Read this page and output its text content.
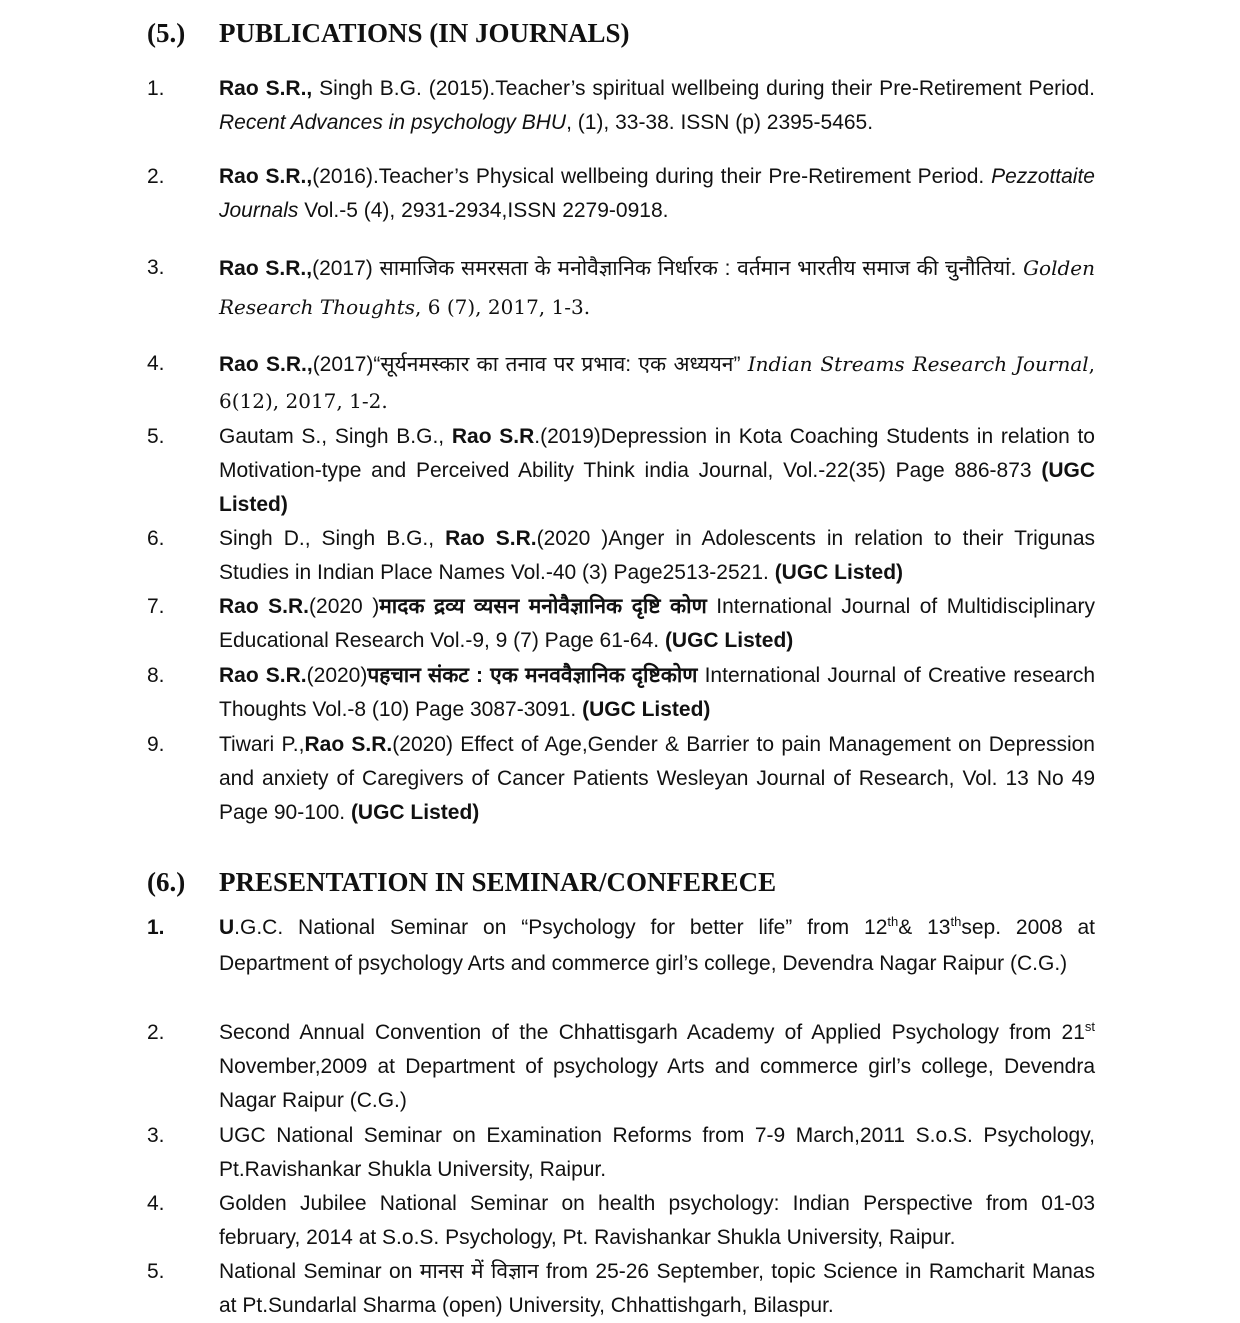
(5.) PUBLICATIONS (IN JOURNALS)
1.	Rao S.R., Singh B.G. (2015).Teacher’s spiritual wellbeing during their Pre-Retirement Period. Recent Advances in psychology BHU, (1), 33-38. ISSN (p) 2395-5465.
2.	Rao S.R.,(2016).Teacher’s Physical wellbeing during their Pre-Retirement Period. Pezzottaite Journals Vol.-5 (4), 2931-2934,ISSN 2279-0918.
3.	Rao S.R.,(2017) सामाजिक समरसता के मनोवैज्ञानिक निर्धारक : वर्तमान भारतीय समाज की चुनौतियां. Golden Research Thoughts, 6 (7), 2017, 1-3.
4.	Rao S.R.,(2017)“सूर्यनमस्कार का तनाव पर प्रभाव: एक अध्ययन” Indian Streams Research Journal, 6(12), 2017, 1-2.
5.	Gautam S., Singh B.G., Rao S.R.(2019)Depression in Kota Coaching Students in relation to Motivation-type and Perceived Ability Think india Journal, Vol.-22(35) Page 886-873 (UGC Listed)
6.	Singh D., Singh B.G., Rao S.R.(2020 )Anger in Adolescents in relation to their Trigunas Studies in Indian Place Names Vol.-40 (3) Page2513-2521. (UGC Listed)
7.	Rao S.R.(2020 )मादक द्रव्य व्यसन मनोवैज्ञानिक दृष्टि कोण International Journal of Multidisciplinary Educational Research Vol.-9, 9 (7) Page 61-64. (UGC Listed)
8.	Rao S.R.(2020)पहचान संकट : एक मनववैज्ञानिक दृष्टिकोण International Journal of Creative research Thoughts Vol.-8 (10) Page 3087-3091. (UGC Listed)
9.	Tiwari P.,Rao S.R.(2020) Effect of Age,Gender & Barrier to pain Management on Depression and anxiety of Caregivers of Cancer Patients Wesleyan Journal of Research, Vol. 13 No 49 Page 90-100. (UGC Listed)
(6.) PRESENTATION IN SEMINAR/CONFERECE
1.	U.G.C. National Seminar on “Psychology for better life” from 12th& 13thsep. 2008 at Department of psychology Arts and commerce girl’s college, Devendra Nagar Raipur (C.G.)
2.	Second Annual Convention of the Chhattisgarh Academy of Applied Psychology from 21st November,2009 at Department of psychology Arts and commerce girl’s college, Devendra Nagar Raipur (C.G.)
3.	UGC National Seminar on Examination Reforms from 7-9 March,2011 S.o.S. Psychology, Pt.Ravishankar Shukla University, Raipur.
4.	Golden Jubilee National Seminar on health psychology: Indian Perspective from 01-03 february, 2014 at S.o.S. Psychology, Pt. Ravishankar Shukla University, Raipur.
5.	National Seminar on मानस में विज्ञान from 25-26 September, topic Science in Ramcharit Manas at Pt.Sundarlal Sharma (open) University, Chhattishgarh, Bilaspur.
